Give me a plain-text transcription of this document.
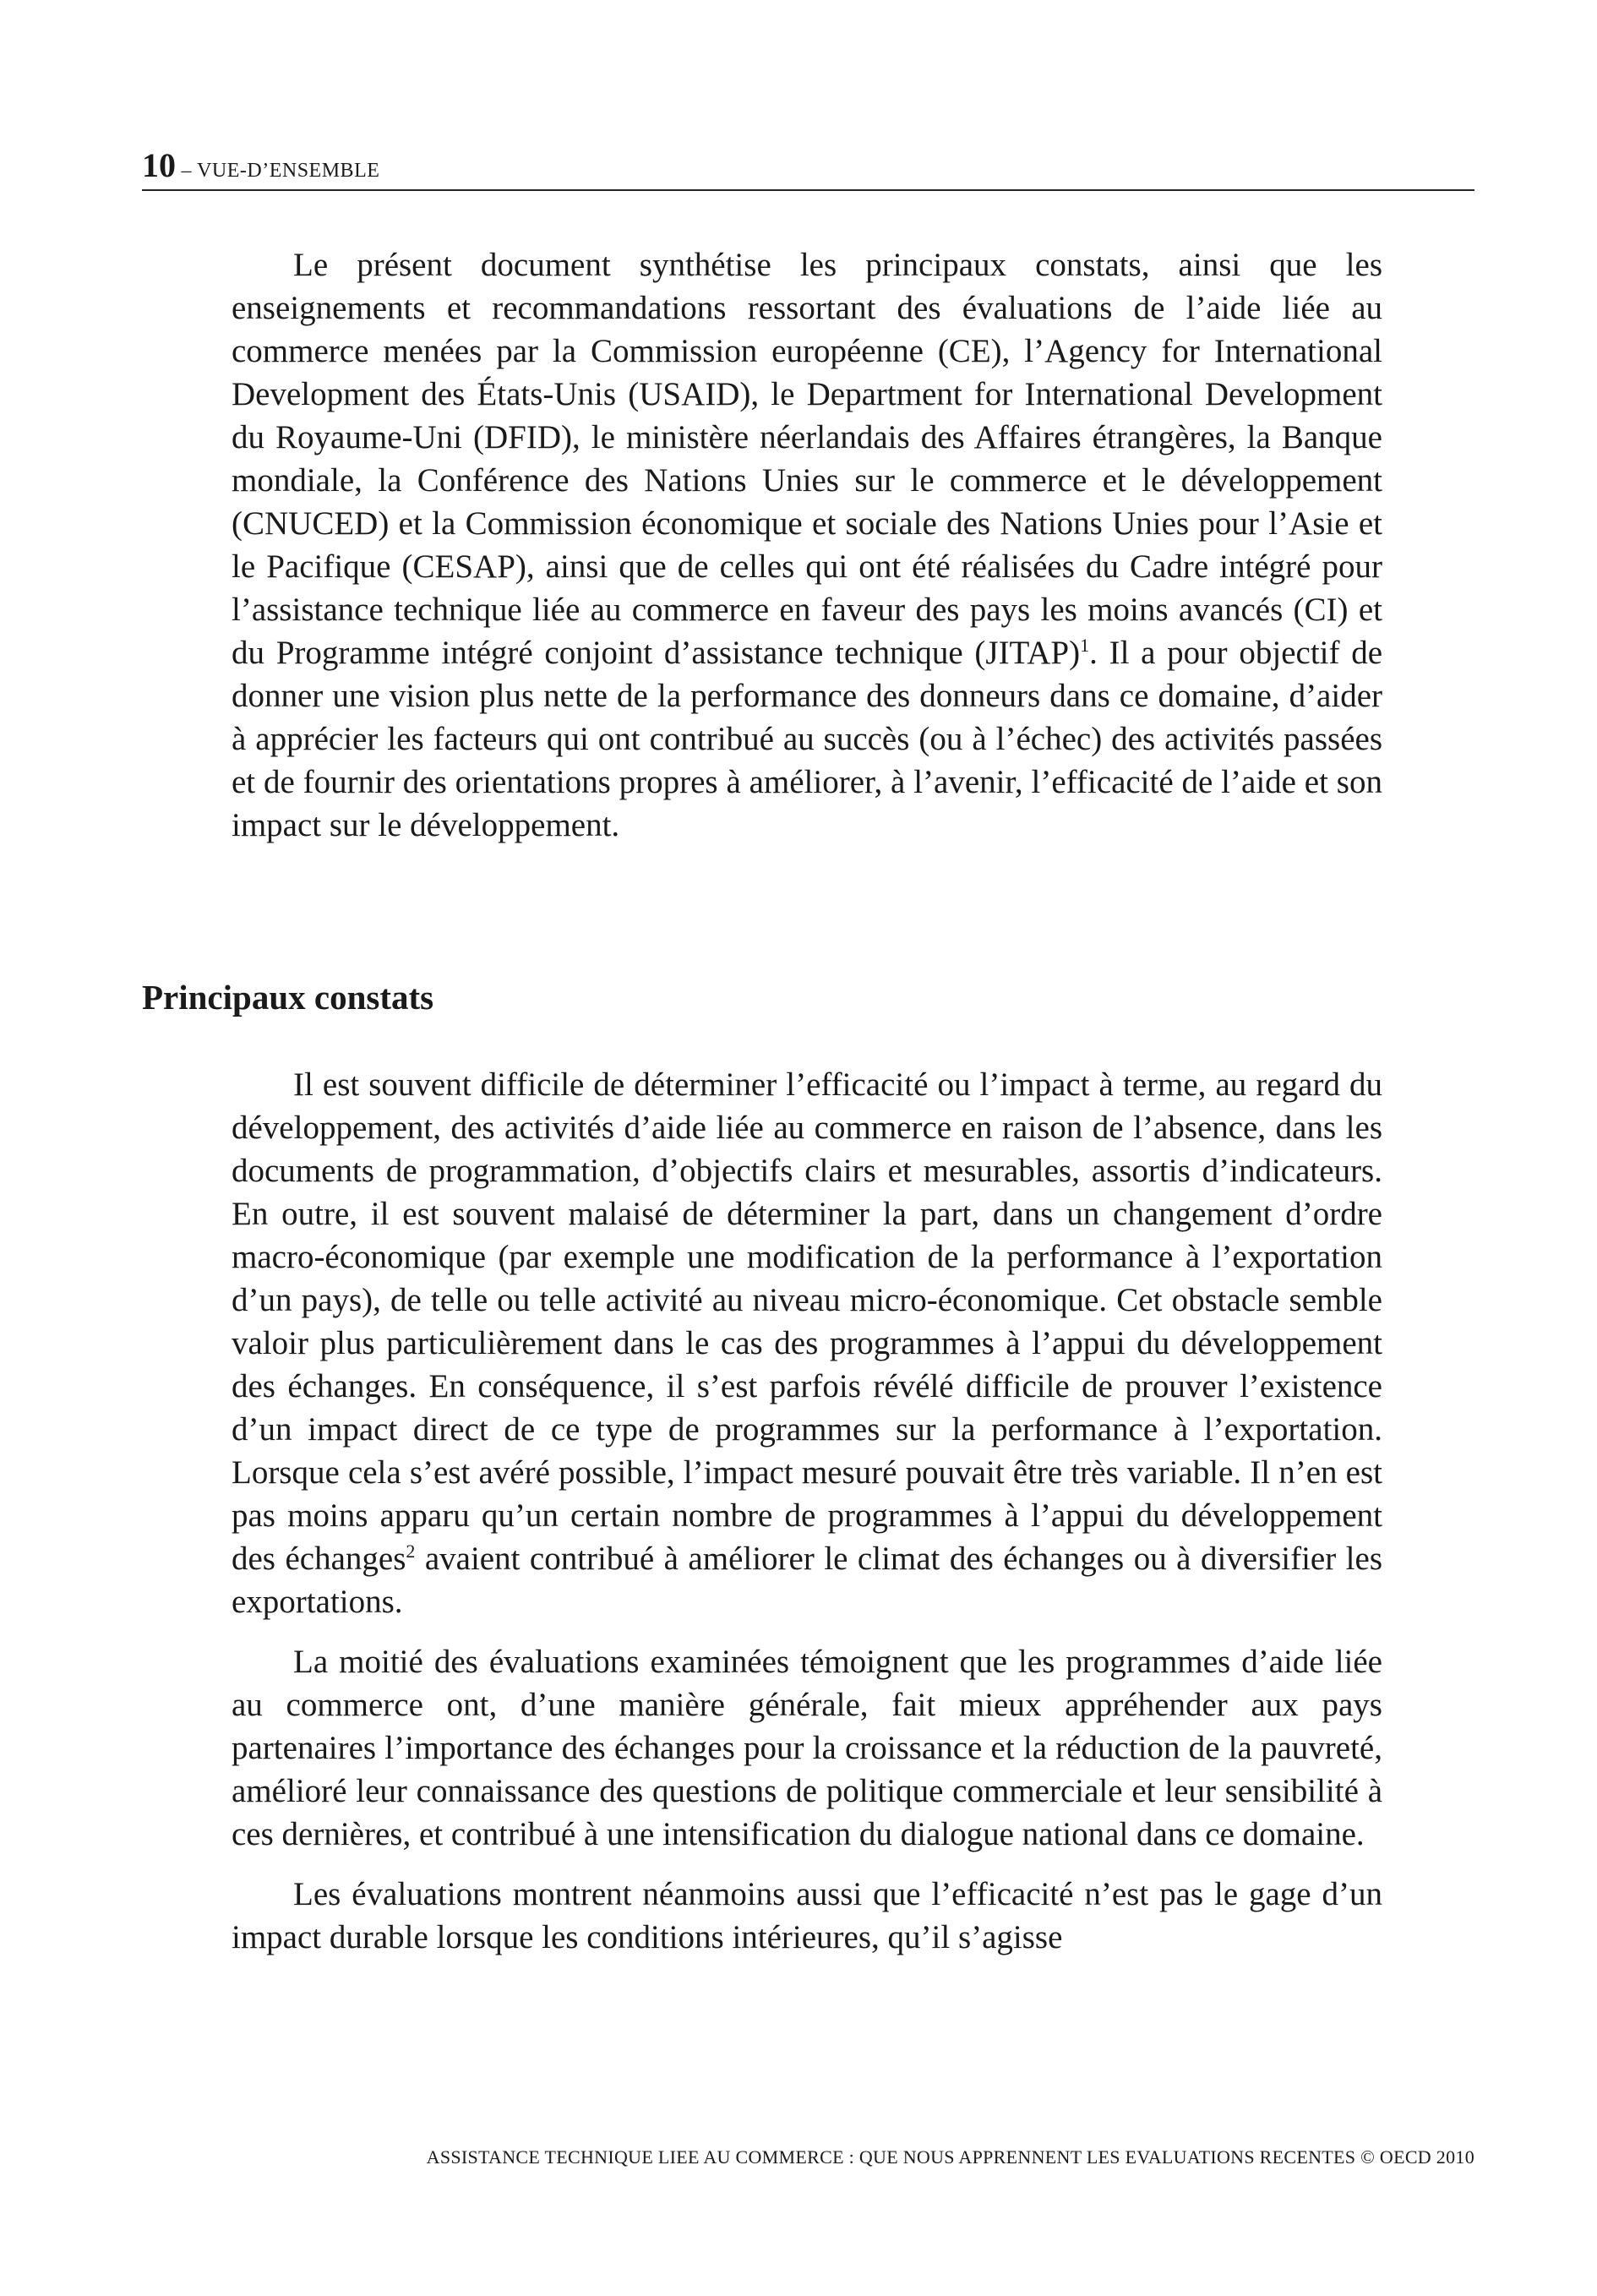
10 – VUE-D’ENSEMBLE

Le présent document synthétise les principaux constats, ainsi que les enseignements et recommandations ressortant des évaluations de l’aide liée au commerce menées par la Commission européenne (CE), l’Agency for International Development des États-Unis (USAID), le Department for International Development du Royaume-Uni (DFID), le ministère néerlandais des Affaires étrangères, la Banque mondiale, la Conférence des Nations Unies sur le commerce et le développement (CNUCED) et la Commission économique et sociale des Nations Unies pour l’Asie et le Pacifique (CESAP), ainsi que de celles qui ont été réalisées du Cadre intégré pour l’assistance technique liée au commerce en faveur des pays les moins avancés (CI) et du Programme intégré conjoint d’assistance technique (JITAP)$^1$. Il a pour objectif de donner une vision plus nette de la performance des donneurs dans ce domaine, d’aider à apprécier les facteurs qui ont contribué au succès (ou à l’échec) des activités passées et de fournir des orientations propres à améliorer, à l’avenir, l’efficacité de l’aide et son impact sur le développement.

Principaux constats

Il est souvent difficile de déterminer l’efficacité ou l’impact à terme, au regard du développement, des activités d’aide liée au commerce en raison de l’absence, dans les documents de programmation, d’objectifs clairs et mesurables, assortis d’indicateurs. En outre, il est souvent malaisé de déterminer la part, dans un changement d’ordre macro-économique (par exemple une modification de la performance à l’exportation d’un pays), de telle ou telle activité au niveau micro-économique. Cet obstacle semble valoir plus particulièrement dans le cas des programmes à l’appui du développement des échanges. En conséquence, il s’est parfois révélé difficile de prouver l’existence d’un impact direct de ce type de programmes sur la performance à l’exportation. Lorsque cela s’est avéré possible, l’impact mesuré pouvait être très variable. Il n’en est pas moins apparu qu’un certain nombre de programmes à l’appui du développement des échanges$^2$ avaient contribué à améliorer le climat des échanges ou à diversifier les exportations.

La moitié des évaluations examinées témoignent que les programmes d’aide liée au commerce ont, d’une manière générale, fait mieux appréhender aux pays partenaires l’importance des échanges pour la croissance et la réduction de la pauvreté, amélioré leur connaissance des questions de politique commerciale et leur sensibilité à ces dernières, et contribué à une intensification du dialogue national dans ce domaine.

Les évaluations montrent néanmoins aussi que l’efficacité n’est pas le gage d’un impact durable lorsque les conditions intérieures, qu’il s’agisse

ASSISTANCE TECHNIQUE LIEE AU COMMERCE : QUE NOUS APPRENNENT LES EVALUATIONS RECENTES © OECD 2010
